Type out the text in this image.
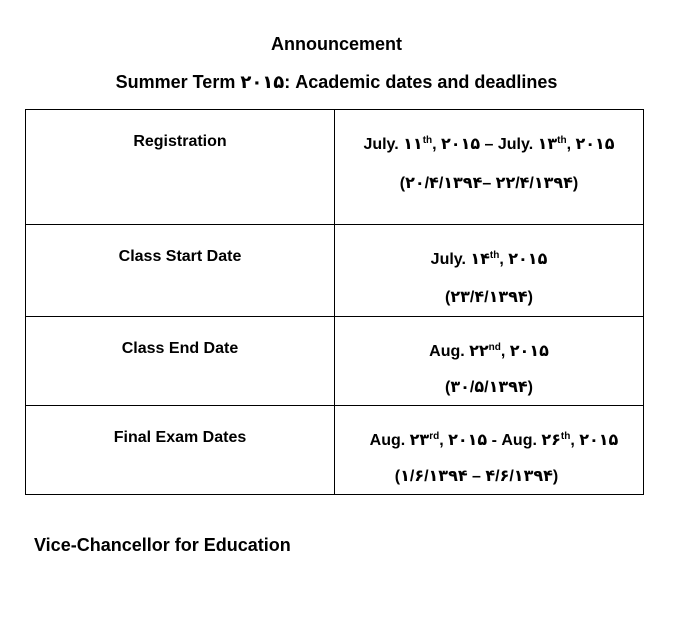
Announcement
Summer Term ۲۰۱۵: Academic dates and deadlines
Registration	July. ۱۱th, ۲۰۱۵ – July. ۱۳th, ۲۰۱۵
(۲۰/۴/۱۳۹۴– ۲۲/۴/۱۳۹۴)

Class Start Date	July. ۱۴th, ۲۰۱۵
(۲۳/۴/۱۳۹۴)

Class End Date	Aug. ۲۲nd, ۲۰۱۵
(۳۰/۵/۱۳۹۴)

Final Exam Dates	Aug. ۲۳rd, ۲۰۱۵ - Aug. ۲۶th, ۲۰۱۵
(۱/۶/۱۳۹۴ – ۴/۶/۱۳۹۴)
Vice-Chancellor for Education
